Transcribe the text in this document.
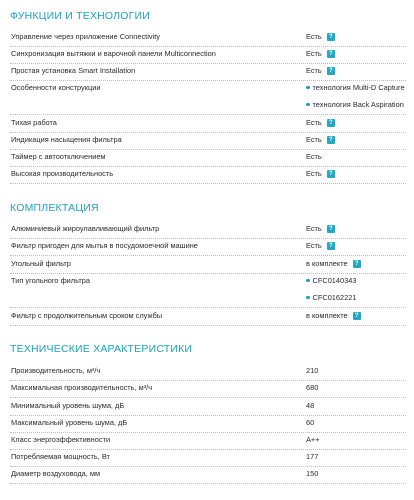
ФУНКЦИИ И ТЕХНОЛОГИИ
Управление через приложение Connectivity	Есть	?
Синхронизация вытяжки и варочной панели Multiconnection	Есть	?
Простая установка Smart Installation	Есть	?
Особенности конструкции	технология Multi-D Capture
технология Back Aspiration
Тихая работа	Есть	?
Индикация насыщения фильтра	Есть	?
Таймер с автоотключением	Есть
Высокая производительность	Есть	?
КОМПЛЕКТАЦИЯ
Алюминиевый жироулавливающий фильтр	Есть	?
Фильтр пригоден для мытья в посудомоечной машине	Есть	?
Угольный фильтр	в комплекте	?
Тип угольного фильтра	CFC0140343
CFC0162221
Фильтр с продолжительным сроком службы	в комплекте	?
ТЕХНИЧЕСКИЕ ХАРАКТЕРИСТИКИ
Производительность, м³/ч	210
Максимальная производительность, м³/ч	680
Минимальный уровень шума, дБ	48
Максимальный уровень шума, дБ	60
Класс энергоэффективности	A++
Потребляемая мощность, Вт	177
Диаметр воздуховода, мм	150
